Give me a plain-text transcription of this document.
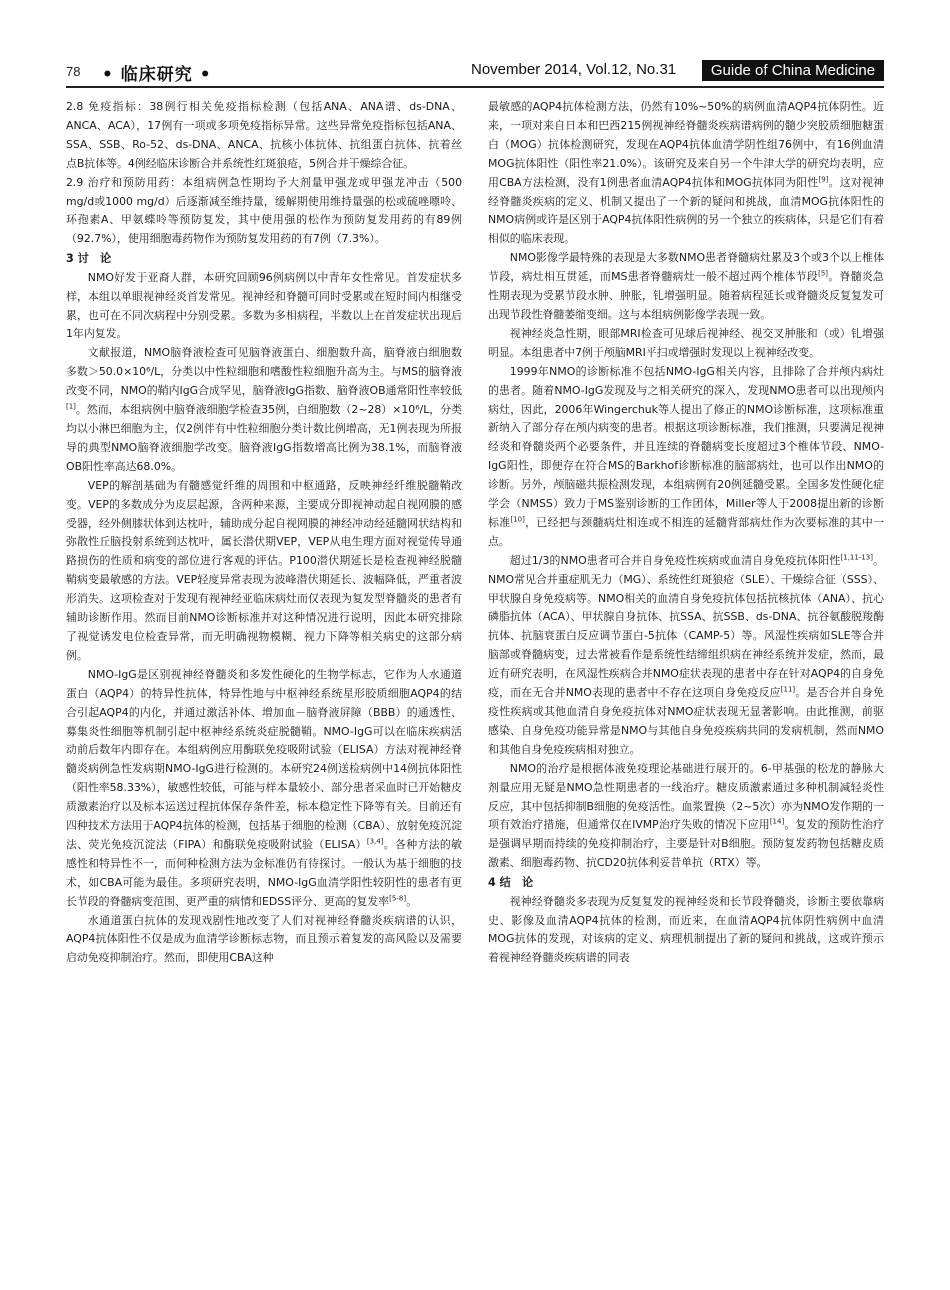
78 • 临床研究 •	November 2014, Vol.12, No.31	Guide of China Medicine

2.8 免疫指标：38例行相关免疫指标检测（包括ANA、ANA谱、ds-DNA、ANCA、ACA），17例有一项或多项免疫指标异常。这些异常免疫指标包括ANA、SSA、SSB、Ro-52、ds-DNA、ANCA、抗核小体抗体、抗组蛋白抗体、抗着丝点B抗体等。4例经临床诊断合并系统性红斑狼疮，5例合并干燥综合征。

2.9 治疗和预防用药：本组病例急性期均予大剂量甲强龙或甲强龙冲击（500 mg/d或1000 mg/d）后逐渐减至维持量，缓解期使用维持量强的松或硫唑嘌呤、环孢素A、甲氨蝶呤等预防复发，其中使用强的松作为预防复发用药的有89例（92.7%），使用细胞毒药物作为预防复发用药的有7例（7.3%）。

3 讨　论

NMO好发于亚裔人群，本研究回顾96例病例以中青年女性常见。首发症状多样，本组以单眼视神经炎首发常见。视神经和脊髓可同时受累或在短时间内相继受累，也可在不同次病程中分别受累。多数为多相病程，半数以上在首发症状出现后1年内复发。

文献报道，NMO脑脊液检查可见脑脊液蛋白、细胞数升高，脑脊液白细胞数多数＞50.0×10⁶/L，分类以中性粒细胞和嗜酸性粒细胞升高为主。与MS的脑脊液改变不同，NMO的鞘内IgG合成罕见，脑脊液IgG指数、脑脊液OB通常阳性率较低[1]。然而，本组病例中脑脊液细胞学检查35例，白细胞数（2~28）×10⁶/L，分类均以小淋巴细胞为主，仅2例伴有中性粒细胞分类计数比例增高，无1例表现为所报导的典型NMO脑脊液细胞学改变。脑脊液IgG指数增高比例为38.1%，而脑脊液OB阳性率高达68.0%。

VEP的解剖基础为有髓感觉纤维的周围和中枢通路，反映神经纤维脱髓鞘改变。VEP的多数成分为皮层起源，含两种来源，主要成分即视神动起自视网膜的感受器，经外侧膝状体到达枕叶，辅助成分起自视网膜的神经冲动经延髓网状结构和弥散性丘脑投射系统到达枕叶，属长潜伏期VEP，VEP从电生理方面对视觉传导通路损伤的性质和病变的部位进行客观的评估。P100潜伏期延长是检查视神经脱髓鞘病变最敏感的方法。VEP轻度异常表现为波峰潜伏期延长、波幅降低，严重者波形消失。这项检查对于发现有视神经亚临床病灶而仅表现为复发型脊髓炎的患者有辅助诊断作用。然而目前NMO诊断标准并对这种情况进行说明，因此本研究排除了视觉诱发电位检查异常，而无明确视物模糊、视力下降等相关病史的这部分病例。

NMO-IgG是区别视神经脊髓炎和多发性硬化的生物学标志，它作为人水通道蛋白（AQP4）的特异性抗体，特异性地与中枢神经系统星形胶质细胞AQP4的结合引起AQP4的内化，并通过激活补体、增加血－脑脊液屏障（BBB）的通透性、募集炎性细胞等机制引起中枢神经系统炎症脱髓鞘。NMO-IgG可以在临床疾病活动前后数年内即存在。本组病例应用酶联免疫吸附试验（ELISA）方法对视神经脊髓炎病例急性发病期NMO-IgG进行检测的。本研究24例送检病例中14例抗体阳性（阳性率58.33%），敏感性较低，可能与样本量较小、部分患者采血时已开始糖皮质激素治疗以及标本运送过程抗体保存条件差，标本稳定性下降等有关。目前还有四种技术方法用于AQP4抗体的检测，包括基于细胞的检测（CBA）、放射免疫沉淀法、荧光免疫沉淀法（FIPA）和酶联免疫吸附试验（ELISA）[3,4]。各种方法的敏感性和特异性不一，而何种检测方法为金标准仍有待探讨。一般认为基于细胞的技术，如CBA可能为最佳。多项研究表明，NMO-IgG血清学阳性较阴性的患者有更长节段的脊髓病变范围、更严重的病情和EDSS评分、更高的复发率[5-8]。

水通道蛋白抗体的发现戏剧性地改变了人们对视神经脊髓炎疾病谱的认识，AQP4抗体阳性不仅是成为血清学诊断标志物，而且预示着复发的高风险以及需要启动免疫抑制治疗。然而，即使用CBA这种

最敏感的AQP4抗体检测方法，仍然有10%~50%的病例血清AQP4抗体阴性。近来，一项对来自日本和巴西215例视神经脊髓炎疾病谱病例的髓少突胶质细胞糖蛋白（MOG）抗体检测研究，发现在AQP4抗体血清学阴性组76例中，有16例血清MOG抗体阳性（阳性率21.0%）。该研究及来自另一个牛津大学的研究均表明，应用CBA方法检测，没有1例患者血清AQP4抗体和MOG抗体同为阳性[9]。这对视神经脊髓炎疾病的定义、机制又提出了一个新的疑问和挑战，血清MOG抗体阳性的NMO病例或许是区别于AQP4抗体阳性病例的另一个独立的疾病体，只是它们有着相似的临床表现。

NMO影像学最特殊的表现是大多数NMO患者脊髓病灶累及3个或3个以上椎体节段，病灶相互贯延，而MS患者脊髓病灶一般不超过两个椎体节段[5]。脊髓炎急性期表现为受累节段水肿、肿胀，钆增强明显。随着病程延长或脊髓炎反复复发可出现节段性脊髓萎缩变细。这与本组病例影像学表现一致。

视神经炎急性期，眼部MRI检查可见球后视神经、视交叉肿胀和（或）钆增强明显。本组患者中7例于颅脑MRI平扫或增强时发现以上视神经改变。

1999年NMO的诊断标准不包括NMO-IgG相关内容，且排除了合并颅内病灶的患者。随着NMO-IgG发现及与之相关研究的深入，发现NMO患者可以出现颅内病灶，因此，2006年Wingerchuk等人提出了修正的NMO诊断标准，这项标准重新纳入了部分存在颅内病变的患者。根据这项诊断标准，我们推测，只要满足视神经炎和脊髓炎两个必要条件，并且连续的脊髓病变长度超过3个椎体节段、NMO-IgG阳性，即便存在符合MS的Barkhof诊断标准的脑部病灶，也可以作出NMO的诊断。另外，颅脑磁共振检测发现，本组病例有20例延髓受累。全国多发性硬化症学会（NMSS）致力于MS鉴别诊断的工作团体，Miller等人于2008提出新的诊断标准[10]，已经把与颈髓病灶相连或不相连的延髓背部病灶作为次要标准的其中一点。

超过1/3的NMO患者可合并自身免疫性疾病或血清自身免疫抗体阳性[1,11-13]。NMO常见合并重症肌无力（MG）、系统性红斑狼疮（SLE）、干燥综合征（SSS）、甲状腺自身免疫病等。NMO相关的血清自身免疫抗体包括抗核抗体（ANA）、抗心磷脂抗体（ACA）、甲状腺自身抗体、抗SSA、抗SSB、ds-DNA、抗谷氨酸脱羧酶抗体、抗脑衰蛋白反应调节蛋白-5抗体（CAMP-5）等。风湿性疾病如SLE等合并脑部或脊髓病变，过去常被看作是系统性结缔组织病在神经系统并发症，然而，最近有研究表明，在风湿性疾病合并NMO症状表现的患者中存在针对AQP4的自身免疫，而在无合并NMO表现的患者中不存在这项自身免疫反应[11]。是否合并自身免疫性疾病或其他血清自身免疫抗体对NMO症状表现无显著影响。由此推测，前驱感染、自身免疫功能异常是NMO与其他自身免疫疾病共同的发病机制，然而NMO和其他自身免疫疾病相对独立。

NMO的治疗是根据体液免疫理论基础进行展开的。6-甲基强的松龙的静脉大剂量应用无疑是NMO急性期患者的一线治疗。糖皮质激素通过多种机制减轻炎性反应，其中包括抑制B细胞的免疫活性。血浆置换（2~5次）亦为NMO发作期的一项有效治疗措施，但通常仅在IVMP治疗失败的情况下应用[14]。复发的预防性治疗是强调早期而持续的免疫抑制治疗，主要是针对B细胞。预防复发药物包括糖皮质激素、细胞毒药物、抗CD20抗体利妥昔单抗（RTX）等。

4 结　论

视神经脊髓炎多表现为反复复发的视神经炎和长节段脊髓炎，诊断主要依靠病史、影像及血清AQP4抗体的检测，而近来，在血清AQP4抗体阴性病例中血清MOG抗体的发现，对该病的定义、病理机制提出了新的疑问和挑战，这或许预示着视神经脊髓炎疾病谱的同表
